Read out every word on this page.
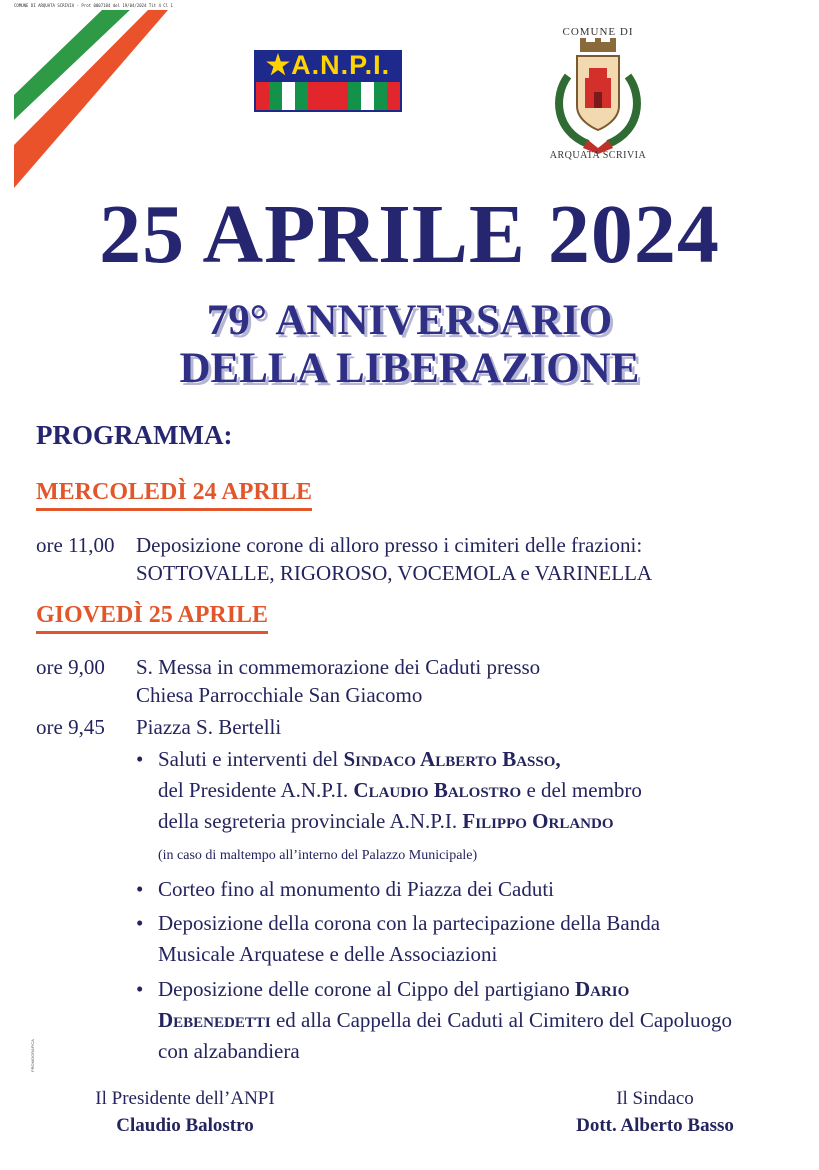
COMUNE DI ARQUATA SCRIVIA - Prot 0007184 del 19/04/2024 Tit 4 Cl 1
★A.N.P.I.
COMUNE DI
ARQUATA SCRIVIA
25 APRILE 2024
79° ANNIVERSARIO
DELLA LIBERAZIONE
PROGRAMMA:
MERCOLEDÌ 24 APRILE
ore 11,00 Deposizione corone di alloro presso i cimiteri delle frazioni:
SOTTOVALLE, RIGOROSO, VOCEMOLA e VARINELLA
GIOVEDÌ 25 APRILE
ore 9,00 S. Messa in commemorazione dei Caduti presso
Chiesa Parrocchiale San Giacomo
ore 9,45 Piazza S. Bertelli
• Saluti e interventi del Sindaco Alberto Basso,
del Presidente A.N.P.I. Claudio Balostro e del membro
della segreteria provinciale A.N.P.I. Filippo Orlando
(in caso di maltempo all’interno del Palazzo Municipale)
• Corteo fino al monumento di Piazza dei Caduti
• Deposizione della corona con la partecipazione della Banda
Musicale Arquatese e delle Associazioni
• Deposizione delle corone al Cippo del partigiano Dario
Debenedetti ed alla Cappella dei Caduti al Cimitero del Capoluogo
con alzabandiera
PROMOGRAFICA
Il Presidente dell’ANPI
Claudio Balostro
Il Sindaco
Dott. Alberto Basso
